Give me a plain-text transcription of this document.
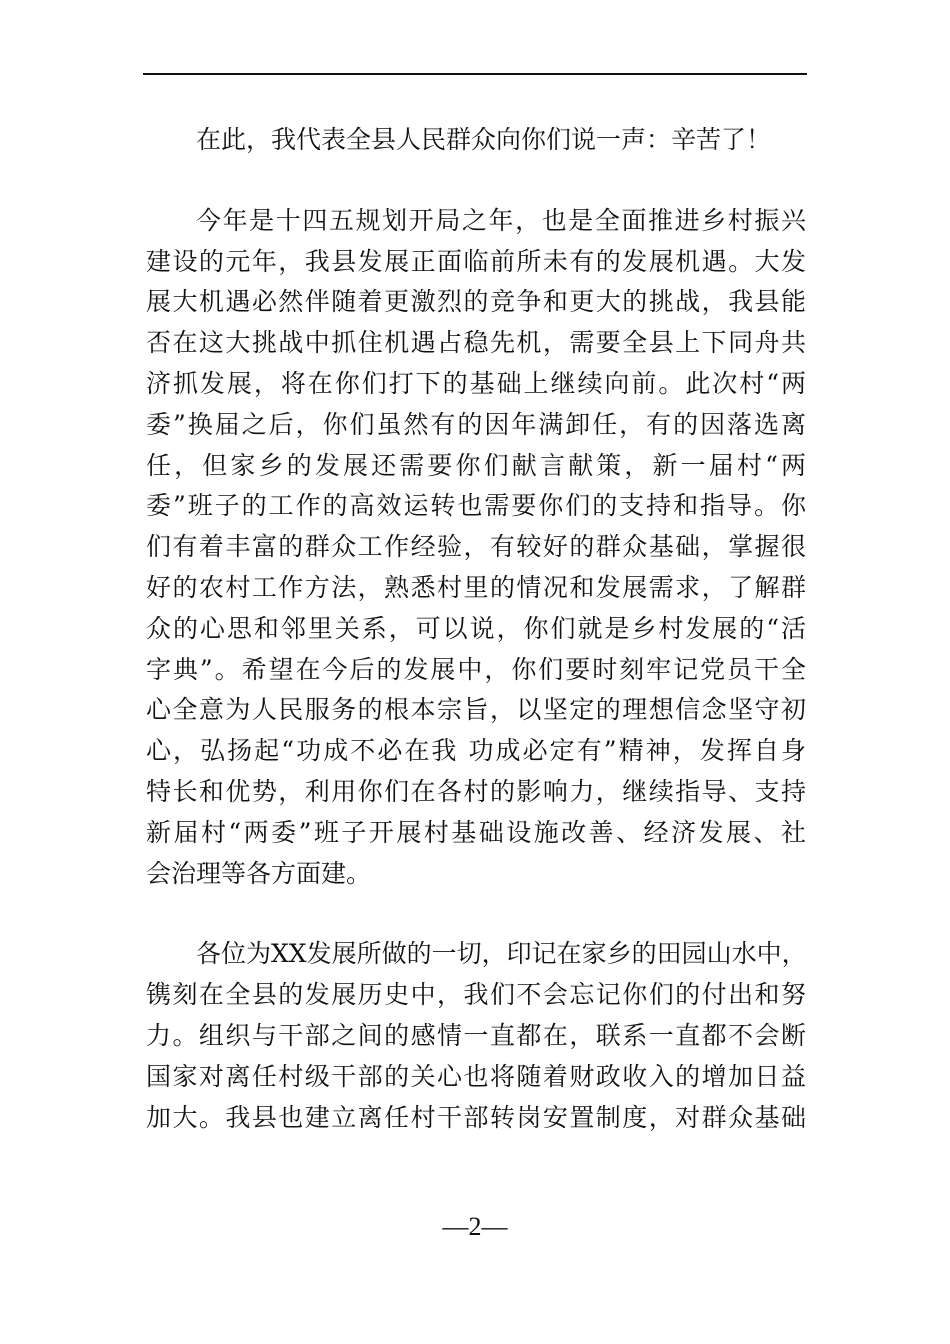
在此，我代表全县人民群众向你们说一声：辛苦了！

今年是十四五规划开局之年，也是全面推进乡村振兴
建设的元年，我县发展正面临前所未有的发展机遇。大发
展大机遇必然伴随着更激烈的竞争和更大的挑战，我县能
否在这大挑战中抓住机遇占稳先机，需要全县上下同舟共
济抓发展，将在你们打下的基础上继续向前。此次村“两
委”换届之后，你们虽然有的因年满卸任，有的因落选离
任，但家乡的发展还需要你们献言献策，新一届村“两
委”班子的工作的高效运转也需要你们的支持和指导。你
们有着丰富的群众工作经验，有较好的群众基础，掌握很
好的农村工作方法，熟悉村里的情况和发展需求，了解群
众的心思和邻里关系，可以说，你们就是乡村发展的“活
字典”。希望在今后的发展中，你们要时刻牢记党员干全
心全意为人民服务的根本宗旨，以坚定的理想信念坚守初
心，弘扬起“功成不必在我 功成必定有”精神，发挥自身
特长和优势，利用你们在各村的影响力，继续指导、支持
新届村“两委”班子开展村基础设施改善、经济发展、社
会治理等各方面建。

各位为XX发展所做的一切，印记在家乡的田园山水中，
镌刻在全县的发展历史中，我们不会忘记你们的付出和努
力。组织与干部之间的感情一直都在，联系一直都不会断
国家对离任村级干部的关心也将随着财政收入的增加日益
加大。我县也建立离任村干部转岗安置制度，对群众基础

—2—
